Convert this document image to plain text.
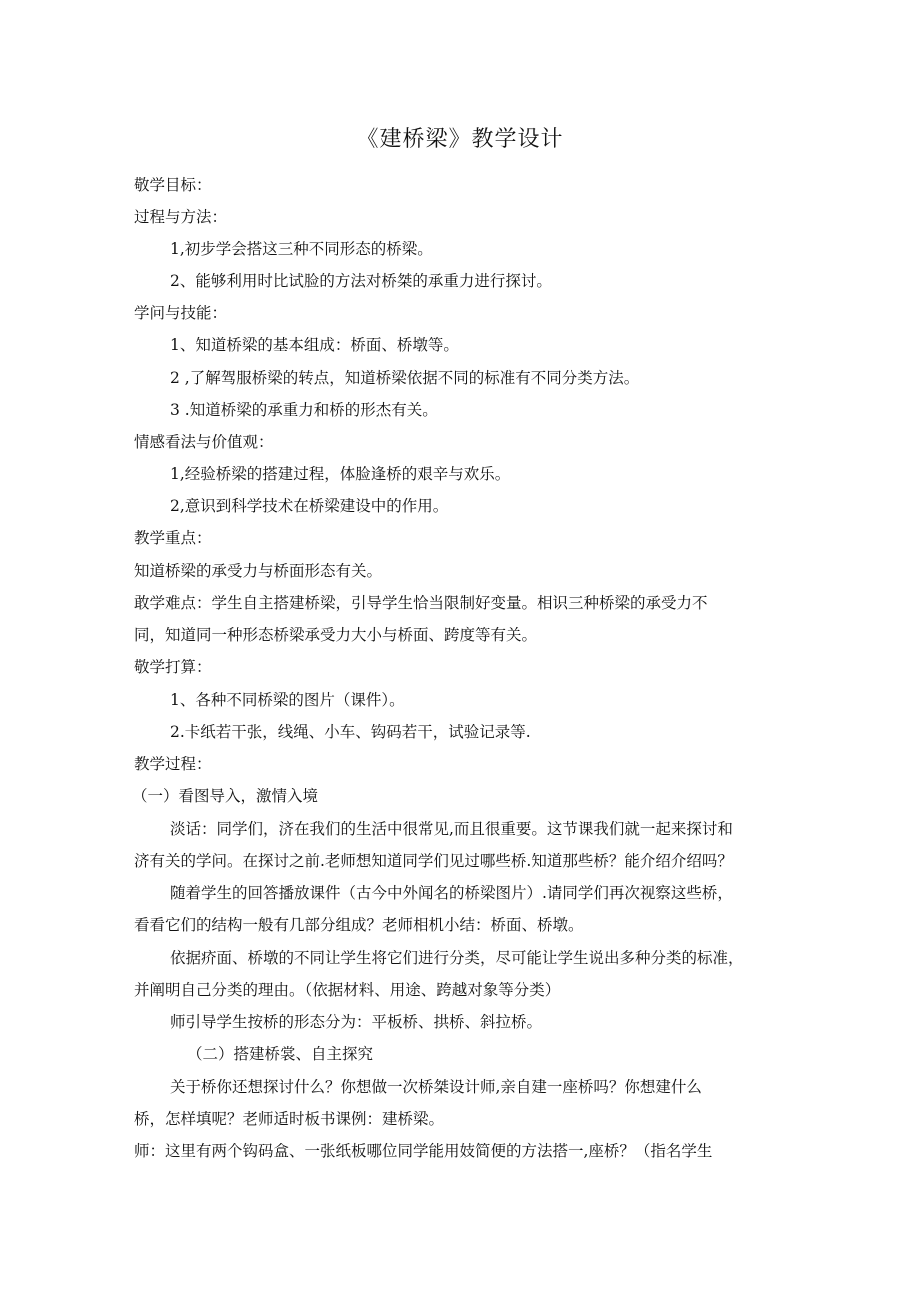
《建桥梁》教学设计
敬学目标：
过程与方法：
1,初步学会搭这三种不同形态的桥梁。
2、能够利用时比试脸的方法对桥桀的承重力进行探讨。
学问与技能：
1、知道桥梁的基本组成：桥面、桥墩等。
2 ,了解驾服桥梁的转点，知道桥梁依据不同的标准有不同分类方法。
3 .知道桥梁的承重力和桥的形杰有关。
情感看法与价值观：
1,经验桥梁的搭建过程，体脸逢桥的艰辛与欢乐。
2,意识到科学技术在桥梁建设中的作用。
教学重点：
知道桥梁的承受力与桥面形态有关。
敢学难点：学生自主搭建桥梁，引导学生恰当限制好变量。相识三种桥梁的承受力不
同，知道同一种形态桥梁承受力大小与桥面、跨度等有关。
敬学打算：
1、各种不同桥梁的图片（课件）。
2.卡纸若干张，线绳、小车、钩码若干，试验记录等.
教学过程：
（一）看图导入，激情入境
淡话：同学们，济在我们的生活中很常见,而且很重要。这节课我们就一起来探讨和
济有关的学问。在探讨之前.老师想知道同学们见过哪些桥.知道那些桥？能介绍介绍吗？
随着学生的回答播放课件（古今中外闻名的桥梁图片）.请同学们再次视察这些桥，
看看它们的结构一般有几部分组成？老师相机小结：桥面、桥墩。
依据疥面、桥墩的不同让学生将它们进行分类，尽可能让学生说出多种分类的标准，
并阐明自己分类的理由。（依据材料、用途、跨越对象等分类）
师引导学生按桥的形态分为：平板桥、拱桥、斜拉桥。
（二）搭建桥裳、自主探究
关于桥你还想探讨什么？你想做一次桥桀设计师,亲自建一座桥吗？你想建什么
桥，怎样填呢？老师适时板书课例：建桥梁。
师：这里有两个钩码盒、一张纸板哪位同学能用妓简便的方法搭一,座桥？（指名学生
